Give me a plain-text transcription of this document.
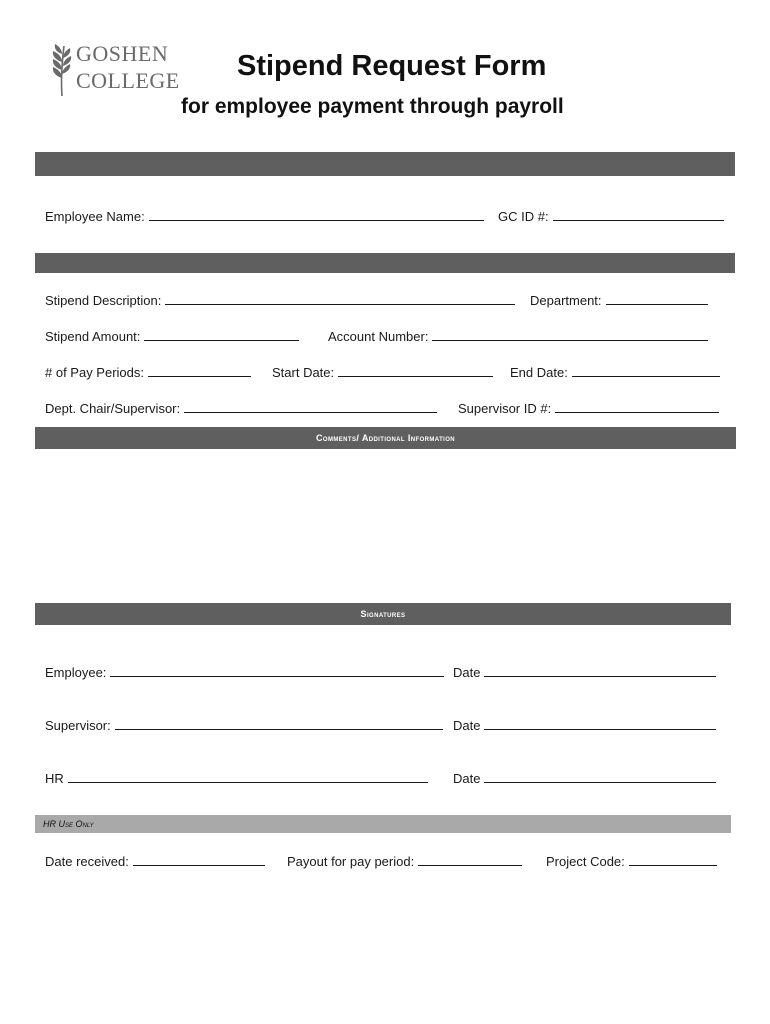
GOSHEN
COLLEGE Stipend Request Form
for employee payment through payroll
Employee Name:	GC ID #:
Stipend Description:	Department:
Stipend Amount:	Account Number:
# of Pay Periods:	Start Date:	End Date:
Dept. Chair/Supervisor:	Supervisor ID #:
Comments/ Additional Information
Signatures
Employee:	Date
Supervisor:	Date
HR	Date
HR Use Only
Date received:	Payout for pay period:	Project Code:
